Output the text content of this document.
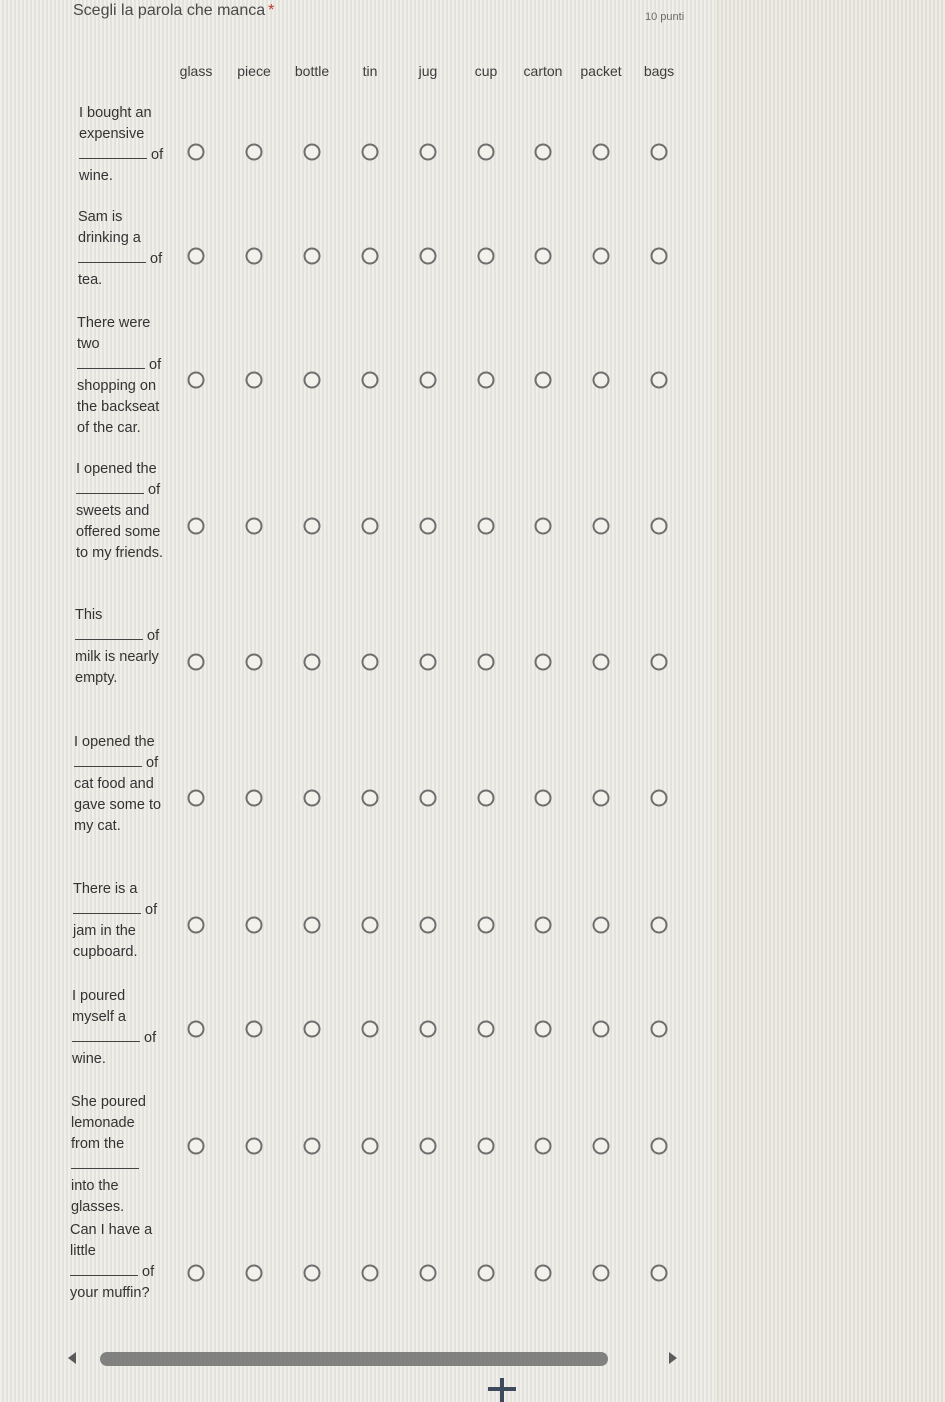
Scegli la parola che manca *	10 punti
glass piece bottle tin	jug	cup carton packet bags
I bought an expensive  of wine.
Sam is drinking a  of tea.
There were two  of shopping on the backseat of the car.
I opened the  of sweets and offered some to my friends.
This  of milk is nearly empty.
I opened the  of cat food and gave some to my cat.
There is a  of jam in the cupboard.
I poured myself a  of wine.
She poured lemonade from the  into the glasses.
Can I have a little  of your muffin?
